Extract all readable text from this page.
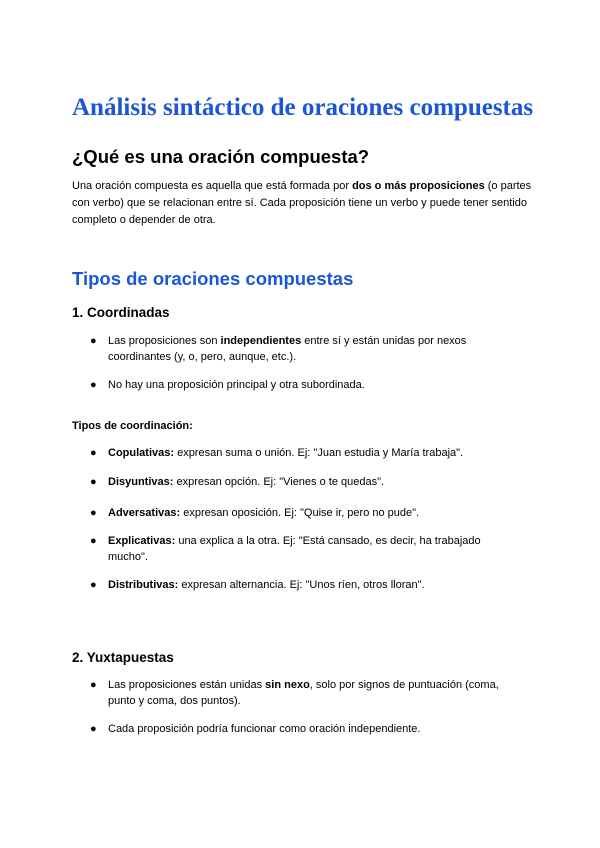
Análisis sintáctico de oraciones compuestas
¿Qué es una oración compuesta?

Una oración compuesta es aquella que está formada por dos o más proposiciones (o partes con verbo) que se relacionan entre sí. Cada proposición tiene un verbo y puede tener sentido completo o depender de otra.

Tipos de oraciones compuestas
1. Coordinadas
● Las proposiciones son independientes entre sí y están unidas por nexos coordinantes (y, o, pero, aunque, etc.).
● No hay una proposición principal y otra subordinada.
Tipos de coordinación:
● Copulativas: expresan suma o unión. Ej: "Juan estudia y María trabaja".
● Disyuntivas: expresan opción. Ej: "Vienes o te quedas".
● Adversativas: expresan oposición. Ej: "Quise ir, pero no pude".
● Explicativas: una explica a la otra. Ej: "Está cansado, es decir, ha trabajado mucho".
● Distributivas: expresan alternancia. Ej: "Unos ríen, otros lloran".
2. Yuxtapuestas
● Las proposiciones están unidas sin nexo, solo por signos de puntuación (coma, punto y coma, dos puntos).
● Cada proposición podría funcionar como oración independiente.
